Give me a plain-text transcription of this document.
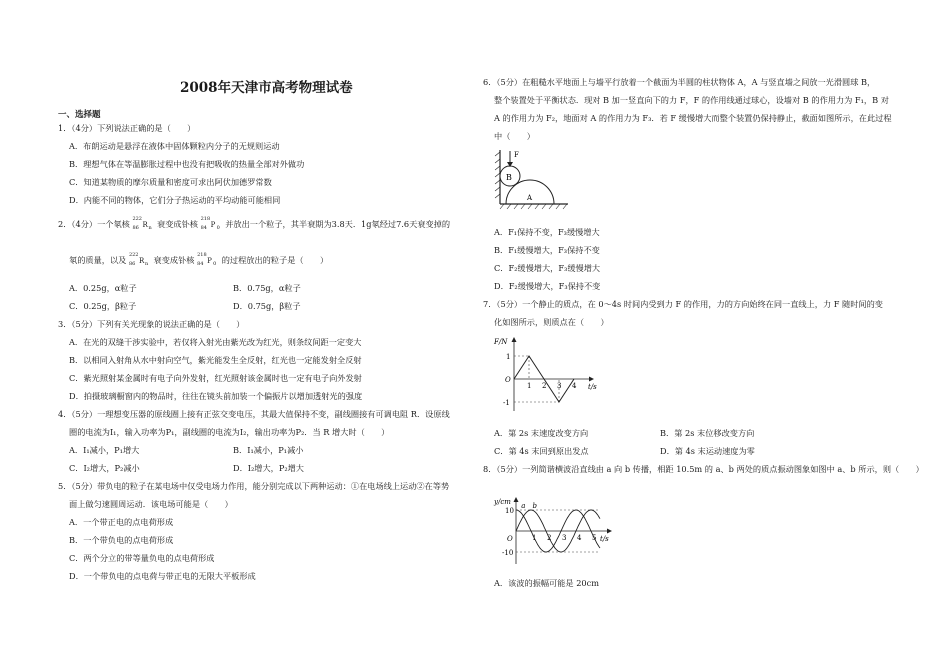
2008年天津市高考物理试卷
一、选择题
1．（4分）下列说法正确的是（　　）
A．布朗运动是悬浮在液体中固体颗粒内分子的无规则运动
B．理想气体在等温膨胀过程中也没有把吸收的热量全部对外做功
C．知道某物质的摩尔质量和密度可求出阿伏加德罗常数
D．内能不同的物体，它们分子热运动的平均动能可能相同
2．（4分）一个氡核 222
86 R n 衰变成钋核 218
84 P 0 并放出一个粒子，其半衰期为3.8天．1g氡经过7.6天衰变掉的
氡的质量，以及 222
86 R n 衰变成钋核 218
84 P 0 的过程放出的粒子是（　　）
A．0.25g，α粒子	B．0.75g，α粒子
C．0.25g，β粒子	D．0.75g，β粒子
3．（5分）下列有关光现象的说法正确的是（　　）
A．在光的双缝干涉实验中，若仅将入射光由紫光改为红光，则条纹间距一定变大
B．以相同入射角从水中射向空气，紫光能发生全反射，红光也一定能发射全反射
C．紫光照射某金属时有电子向外发射，红光照射该金属时也一定有电子向外发射
D．拍摄玻璃橱窗内的物品时，往往在镜头前加装一个偏振片以增加透射光的强度
4．（5分）一理想变压器的原线圈上接有正弦交变电压，其最大值保持不变，副线圈接有可调电阻 R．设原线
圈的电流为I₁，输入功率为P₁，副线圈的电流为I₂，输出功率为P₂．当 R 增大时（　　）
A．I₁减小，P₁增大	B．I₁减小，P₁减小
C．I₂增大，P₂减小	D．I₂增大，P₂增大
5．（5分）带负电的粒子在某电场中仅受电场力作用，能分别完成以下两种运动：①在电场线上运动②在等势
面上做匀速圆周运动．该电场可能是（　　）
A．一个带正电的点电荷形成
B．一个带负电的点电荷形成
C．两个分立的带等量负电的点电荷形成
D．一个带负电的点电荷与带正电的无限大平板形成
6．（5分）在粗糙水平地面上与墙平行放着一个截面为半圆的柱状物体 A，A 与竖直墙之间放一光滑圆球 B，
整个装置处于平衡状态．现对 B 加一竖直向下的力 F，F 的作用线通过球心，设墙对 B 的作用力为 F₁，B 对
A 的作用力为 F₂，地面对 A 的作用力为 F₃．若 F 缓慢增大而整个装置仍保持静止，截面如图所示，在此过程
中（　　）
F
B
A
A．F₁保持不变，F₃缓慢增大
B．F₁缓慢增大，F₃保持不变
C．F₂缓慢增大，F₃缓慢增大
D．F₂缓慢增大，F₃保持不变
7．（5分）一个静止的质点，在 0～4s 时间内受到力 F 的作用，力的方向始终在同一直线上，力 F 随时间的变
化如图所示，则质点在（　　）
F/N
t/s
O
1 2 3 4
1
-1
A．第 2s 末速度改变方向	B．第 2s 末位移改变方向
C．第 4s 末回到原出发点	D．第 4s 末运动速度为零
8．（5分）一列简谐横波沿直线由 a 向 b 传播，相距 10.5m 的 a、b 两处的质点振动图象如图中 a、b 所示，则（　　）
y/cm
t/s
O	1 2 3 4 5
10
-10
a b
A．该波的振幅可能是 20cm
